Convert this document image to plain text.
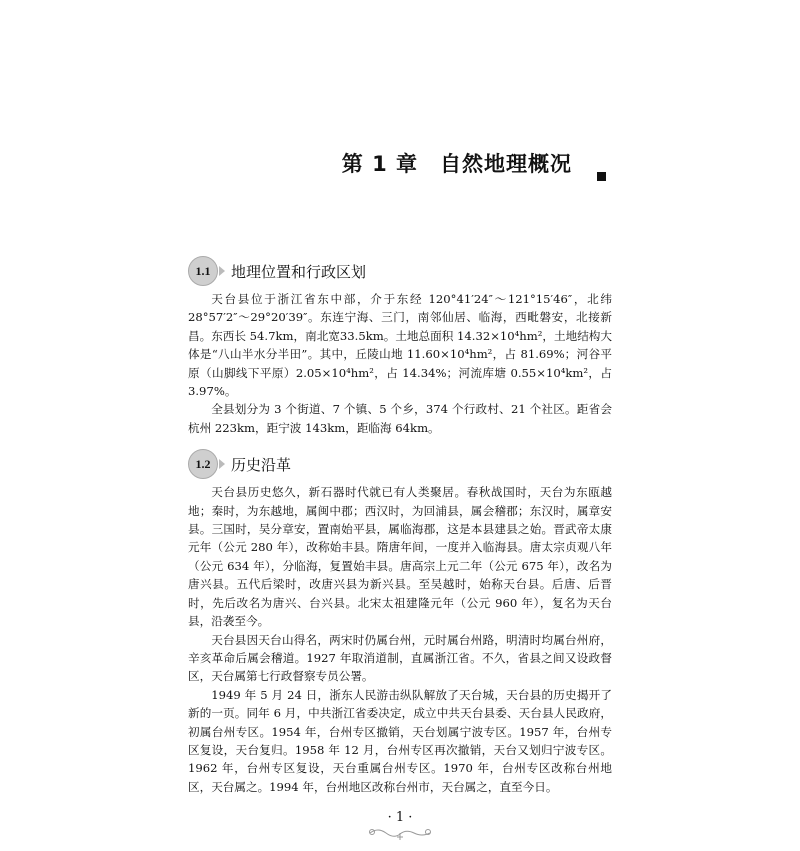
第 1 章 自然地理概况
1.1	地理位置和行政区划

天台县位于浙江省东中部，介于东经 120°41′24″～121°15′46″，北纬 28°57′2″～29°20′39″。东连宁海、三门，南邻仙居、临海，西毗磐安，北接新昌。东西长 54.7km，南北宽33.5km。土地总面积 14.32×10⁴hm²，土地结构大体是“八山半水分半田”。其中，丘陵山地 11.60×10⁴hm²，占 81.69%；河谷平原（山脚线下平原）2.05×10⁴hm²，占 14.34%；河流库塘 0.55×10⁴km²，占 3.97%。

全县划分为 3 个街道、7 个镇、5 个乡，374 个行政村、21 个社区。距省会杭州 223km，距宁波 143km，距临海 64km。

1.2	历史沿革

天台县历史悠久，新石器时代就已有人类聚居。春秋战国时，天台为东瓯越地；秦时，为东越地，属闽中郡；西汉时，为回浦县，属会稽郡；东汉时，属章安县。三国时，吴分章安，置南始平县，属临海郡，这是本县建县之始。晋武帝太康元年（公元 280 年），改称始丰县。隋唐年间，一度并入临海县。唐太宗贞观八年（公元 634 年），分临海，复置始丰县。唐高宗上元二年（公元 675 年），改名为唐兴县。五代后梁时，改唐兴县为新兴县。至吴越时，始称天台县。后唐、后晋时，先后改名为唐兴、台兴县。北宋太祖建隆元年（公元 960 年），复名为天台县，沿袭至今。

天台县因天台山得名，两宋时仍属台州，元时属台州路，明清时均属台州府，辛亥革命后属会稽道。1927 年取消道制，直属浙江省。不久，省县之间又设政督区，天台属第七行政督察专员公署。

1949 年 5 月 24 日，浙东人民游击纵队解放了天台城，天台县的历史揭开了新的一页。同年 6 月，中共浙江省委决定，成立中共天台县委、天台县人民政府，初属台州专区。1954 年，台州专区撤销，天台划属宁波专区。1957 年，台州专区复设，天台复归。1958 年 12 月，台州专区再次撤销，天台又划归宁波专区。1962 年，台州专区复设，天台重属台州专区。1970 年，台州专区改称台州地区，天台属之。1994 年，台州地区改称台州市，天台属之，直至今日。

· 1 ·
